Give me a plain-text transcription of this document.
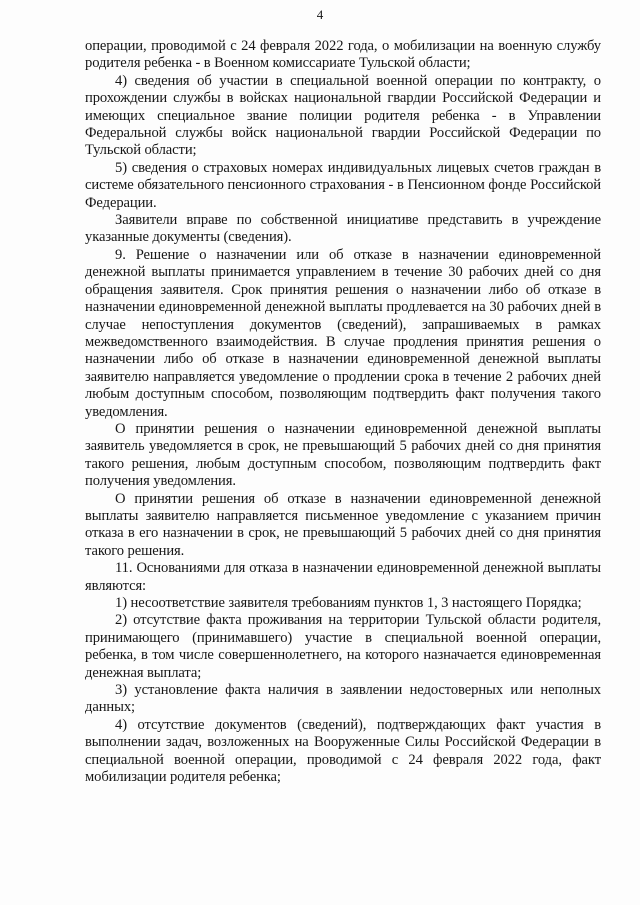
4

операции, проводимой с 24 февраля 2022 года, о мобилизации на военную службу родителя ребенка - в Военном комиссариате Тульской области;

4) сведения об участии в специальной военной операции по контракту, о прохождении службы в войсках национальной гвардии Российской Федерации и имеющих специальное звание полиции родителя ребенка - в Управлении Федеральной службы войск национальной гвардии Российской Федерации по Тульской области;

5) сведения о страховых номерах индивидуальных лицевых счетов граждан в системе обязательного пенсионного страхования - в Пенсионном фонде Российской Федерации.

Заявители вправе по собственной инициативе представить в учреждение указанные документы (сведения).

9. Решение о назначении или об отказе в назначении единовременной денежной выплаты принимается управлением в течение 30 рабочих дней со дня обращения заявителя. Срок принятия решения о назначении либо об отказе в назначении единовременной денежной выплаты продлевается на 30 рабочих дней в случае непоступления документов (сведений), запрашиваемых в рамках межведомственного взаимодействия. В случае продления принятия решения о назначении либо об отказе в назначении единовременной денежной выплаты заявителю направляется уведомление о продлении срока в течение 2 рабочих дней любым доступным способом, позволяющим подтвердить факт получения такого уведомления.

О принятии решения о назначении единовременной денежной выплаты заявитель уведомляется в срок, не превышающий 5 рабочих дней со дня принятия такого решения, любым доступным способом, позволяющим подтвердить факт получения уведомления.

О принятии решения об отказе в назначении единовременной денежной выплаты заявителю направляется письменное уведомление с указанием причин отказа в его назначении в срок, не превышающий 5 рабочих дней со дня принятия такого решения.

11. Основаниями для отказа в назначении единовременной денежной выплаты являются:

1) несоответствие заявителя требованиям пунктов 1, 3 настоящего Порядка;

2) отсутствие факта проживания на территории Тульской области родителя, принимающего (принимавшего) участие в специальной военной операции, ребенка, в том числе совершеннолетнего, на которого назначается единовременная денежная выплата;

3) установление факта наличия в заявлении недостоверных или неполных данных;

4) отсутствие документов (сведений), подтверждающих факт участия в выполнении задач, возложенных на Вооруженные Силы Российской Федерации в специальной военной операции, проводимой с 24 февраля 2022 года, факт мобилизации родителя ребенка;
